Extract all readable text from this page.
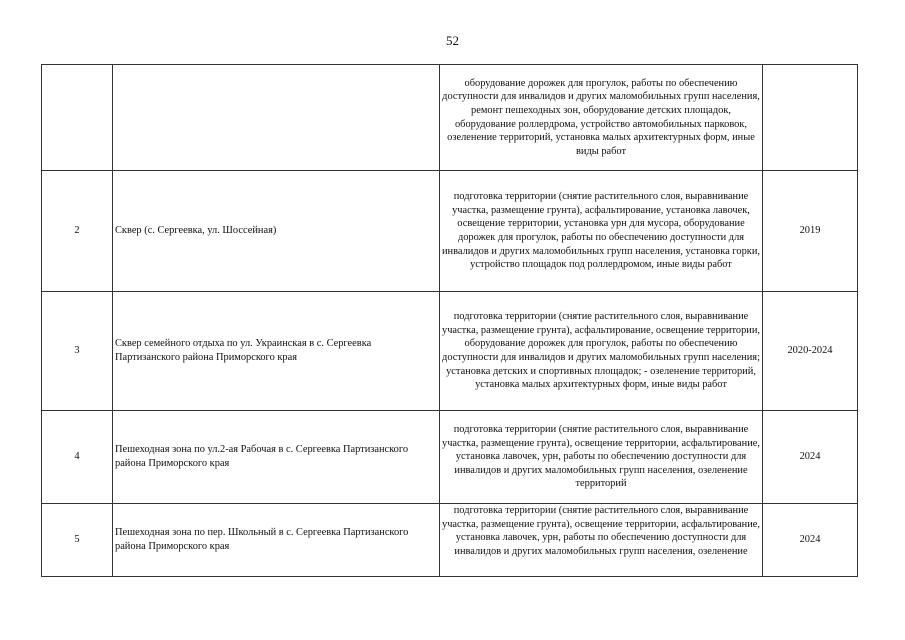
52
		оборудование дорожек для прогулок, работы по обеспечению доступности для инвалидов и других маломобильных групп населения, ремонт пешеходных зон, оборудование детских площадок, оборудование роллердрома, устройство автомобильных парковок, озеленение территорий, установка малых архитектурных форм, иные виды работ	
2	Сквер (с. Сергеевка, ул. Шоссейная)	подготовка территории (снятие растительного слоя, выравнивание участка, размещение грунта), асфальтирование, установка лавочек, освещение территории, установка урн для мусора, оборудование дорожек для прогулок, работы по обеспечению доступности для инвалидов и других маломобильных групп населения, установка горки, устройство площадок под роллердромом, иные виды работ	2019
3	Сквер семейного отдыха по ул. Украинская в с. Сергеевка Партизанского района Приморского края	подготовка территории (снятие растительного слоя, выравнивание участка, размещение грунта), асфальтирование, освещение территории, оборудование дорожек для прогулок, работы по обеспечению доступности для инвалидов и других маломобильных групп населения; установка детских и спортивных площадок; - озеленение территорий, установка малых архитектурных форм, иные виды работ	2020-2024
4	Пешеходная зона по ул.2-ая Рабочая в с. Сергеевка Партизанского района Приморского края	подготовка территории (снятие растительного слоя, выравнивание участка, размещение грунта), освещение территории, асфальтирование, установка лавочек, урн, работы по обеспечению доступности для инвалидов и других маломобильных групп населения, озеленение территорий	2024
5	Пешеходная зона по пер. Школьный в с. Сергеевка Партизанского района Приморского края	подготовка территории (снятие растительного слоя, выравнивание участка, размещение грунта), освещение территории, асфальтирование, установка лавочек, урн, работы по обеспечению доступности для инвалидов и других маломобильных групп населения, озеленение	2024
